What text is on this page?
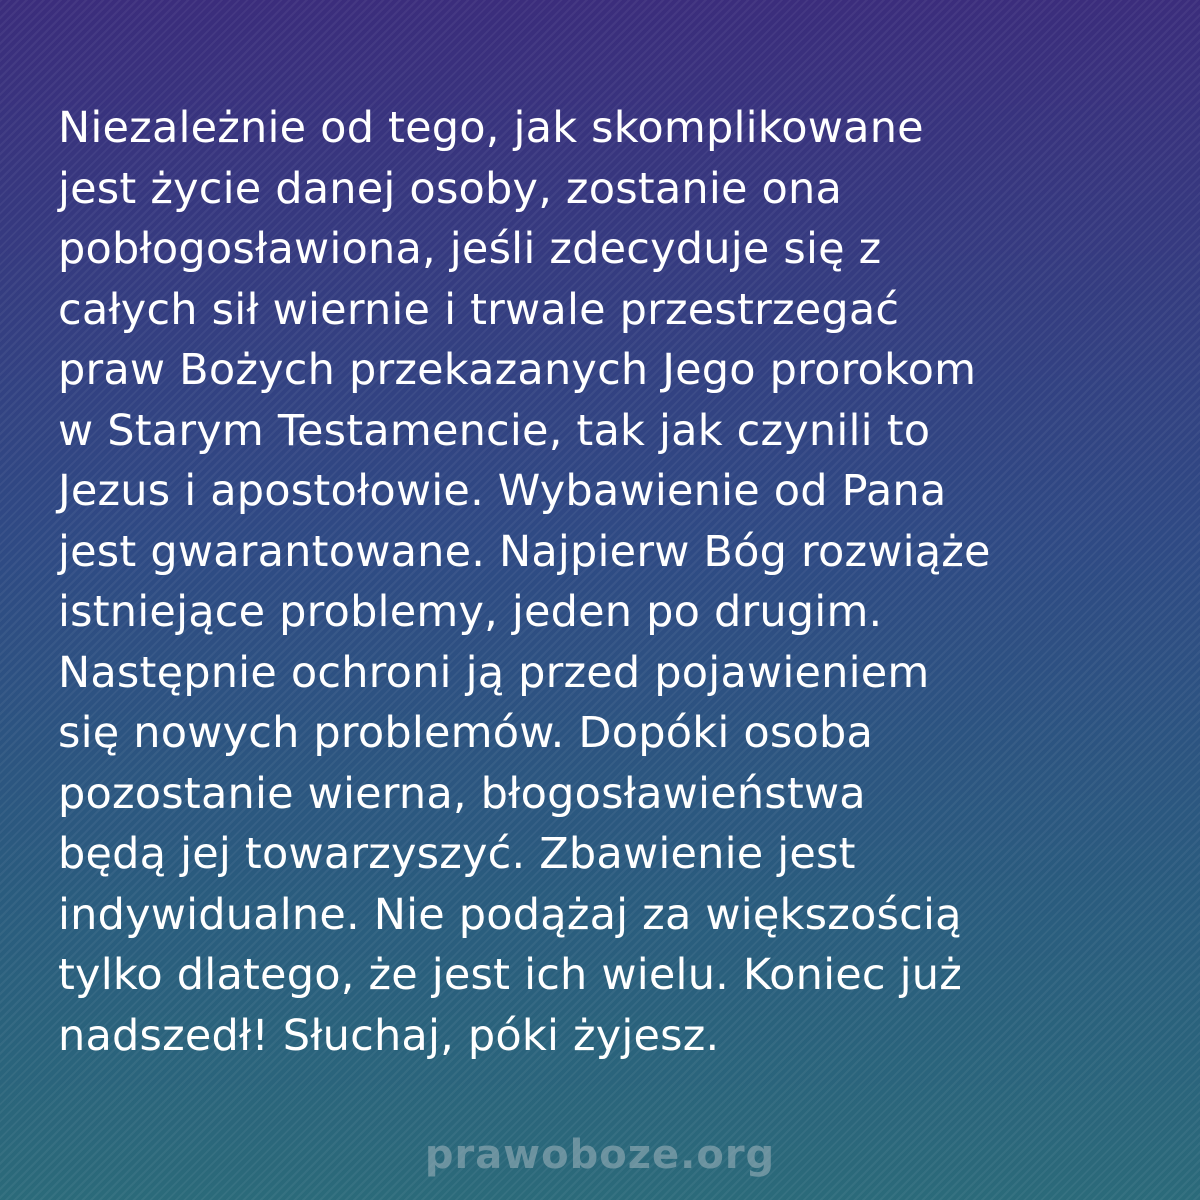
Niezależnie od tego, jak skomplikowane
jest życie danej osoby, zostanie ona
pobłogosławiona, jeśli zdecyduje się z
całych sił wiernie i trwale przestrzegać
praw Bożych przekazanych Jego prorokom
w Starym Testamencie, tak jak czynili to
Jezus i apostołowie. Wybawienie od Pana
jest gwarantowane. Najpierw Bóg rozwiąże
istniejące problemy, jeden po drugim.
Następnie ochroni ją przed pojawieniem
się nowych problemów. Dopóki osoba
pozostanie wierna, błogosławieństwa
będą jej towarzyszyć. Zbawienie jest
indywidualne. Nie podążaj za większością
tylko dlatego, że jest ich wielu. Koniec już
nadszedł! Słuchaj, póki żyjesz.

prawoboze.org
